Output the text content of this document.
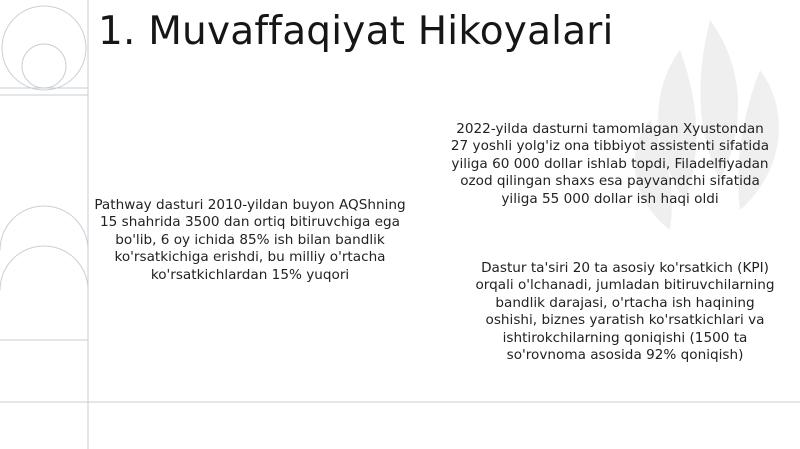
1. Muvaffaqiyat Hikoyalari
Pathway dasturi 2010-yildan buyon AQShning 15 shahrida 3500 dan ortiq bitiruvchiga ega bo'lib, 6 oy ichida 85% ish bilan bandlik ko'rsatkichiga erishdi, bu milliy o'rtacha ko'rsatkichlardan 15% yuqori
2022-yilda dasturni tamomlagan Xyustondan 27 yoshli yolg'iz ona tibbiyot assistenti sifatida yiliga 60 000 dollar ishlab topdi, Filadelfiyadan ozod qilingan shaxs esa payvandchi sifatida yiliga 55 000 dollar ish haqi oldi
Dastur ta'siri 20 ta asosiy ko'rsatkich (KPI) orqali o'lchanadi, jumladan bitiruvchilarning bandlik darajasi, o'rtacha ish haqining oshishi, biznes yaratish ko'rsatkichlari va ishtirokchilarning qoniqishi (1500 ta so'rovnoma asosida 92% qoniqish)
